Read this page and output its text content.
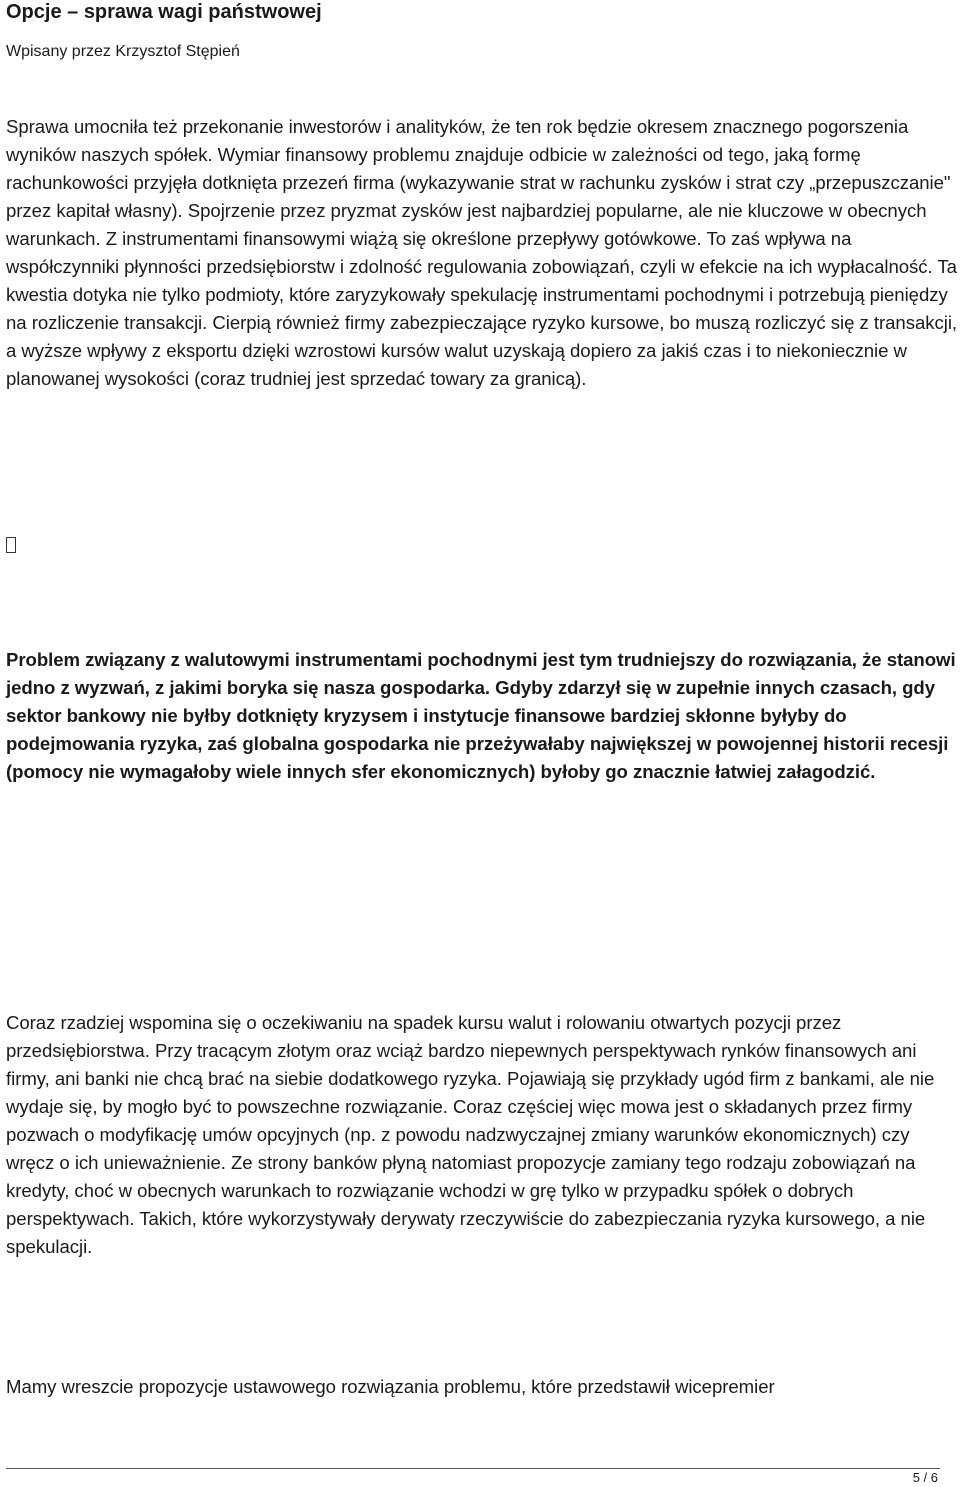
Opcje – sprawa wagi państwowej

Wpisany przez Krzysztof Stępień

Sprawa umocniła też przekonanie inwestorów i analityków, że ten rok będzie okresem znacznego pogorszenia wyników naszych spółek. Wymiar finansowy problemu znajduje odbicie w zależności od tego, jaką formę rachunkowości przyjęła dotknięta przezeń firma (wykazywanie strat w rachunku zysków i strat czy „przepuszczanie" przez kapitał własny). Spojrzenie przez pryzmat zysków jest najbardziej popularne, ale nie kluczowe w obecnych warunkach. Z instrumentami finansowymi wiążą się określone przepływy gotówkowe. To zaś wpływa na współczynniki płynności przedsiębiorstw i zdolność regulowania zobowiązań, czyli w efekcie na ich wypłacalność. Ta kwestia dotyka nie tylko podmioty, które zaryzykowały spekulację instrumentami pochodnymi i potrzebują pieniędzy na rozliczenie transakcji. Cierpią również firmy zabezpieczające ryzyko kursowe, bo muszą rozliczyć się z transakcji, a wyższe wpływy z eksportu dzięki wzrostowi kursów walut uzyskają dopiero za jakiś czas i to niekoniecznie w planowanej wysokości (coraz trudniej jest sprzedać towary za granicą).

Problem związany z walutowymi instrumentami pochodnymi jest tym trudniejszy do rozwiązania, że stanowi jedno z wyzwań, z jakimi boryka się nasza gospodarka. Gdyby zdarzył się w zupełnie innych czasach, gdy sektor bankowy nie byłby dotknięty kryzysem i instytucje finansowe bardziej skłonne byłyby do podejmowania ryzyka, zaś globalna gospodarka nie przeżywałaby największej w powojennej historii recesji (pomocy nie wymagałoby wiele innych sfer ekonomicznych) byłoby go znacznie łatwiej załagodzić.

Coraz rzadziej wspomina się o oczekiwaniu na spadek kursu walut i rolowaniu otwartych pozycji przez przedsiębiorstwa. Przy tracącym złotym oraz wciąż bardzo niepewnych perspektywach rynków finansowych ani firmy, ani banki nie chcą brać na siebie dodatkowego ryzyka. Pojawiają się przykłady ugód firm z bankami, ale nie wydaje się, by mogło być to powszechne rozwiązanie. Coraz częściej więc mowa jest o składanych przez firmy pozwach o modyfikację umów opcyjnych (np. z powodu nadzwyczajnej zmiany warunków ekonomicznych) czy wręcz o ich unieważnienie. Ze strony banków płyną natomiast propozycje zamiany tego rodzaju zobowiązań na kredyty, choć w obecnych warunkach to rozwiązanie wchodzi w grę tylko w przypadku spółek o dobrych perspektywach. Takich, które wykorzystywały derywaty rzeczywiście do zabezpieczania ryzyka kursowego, a nie spekulacji.

Mamy wreszcie propozycje ustawowego rozwiązania problemu, które przedstawił wicepremier

5 / 6
